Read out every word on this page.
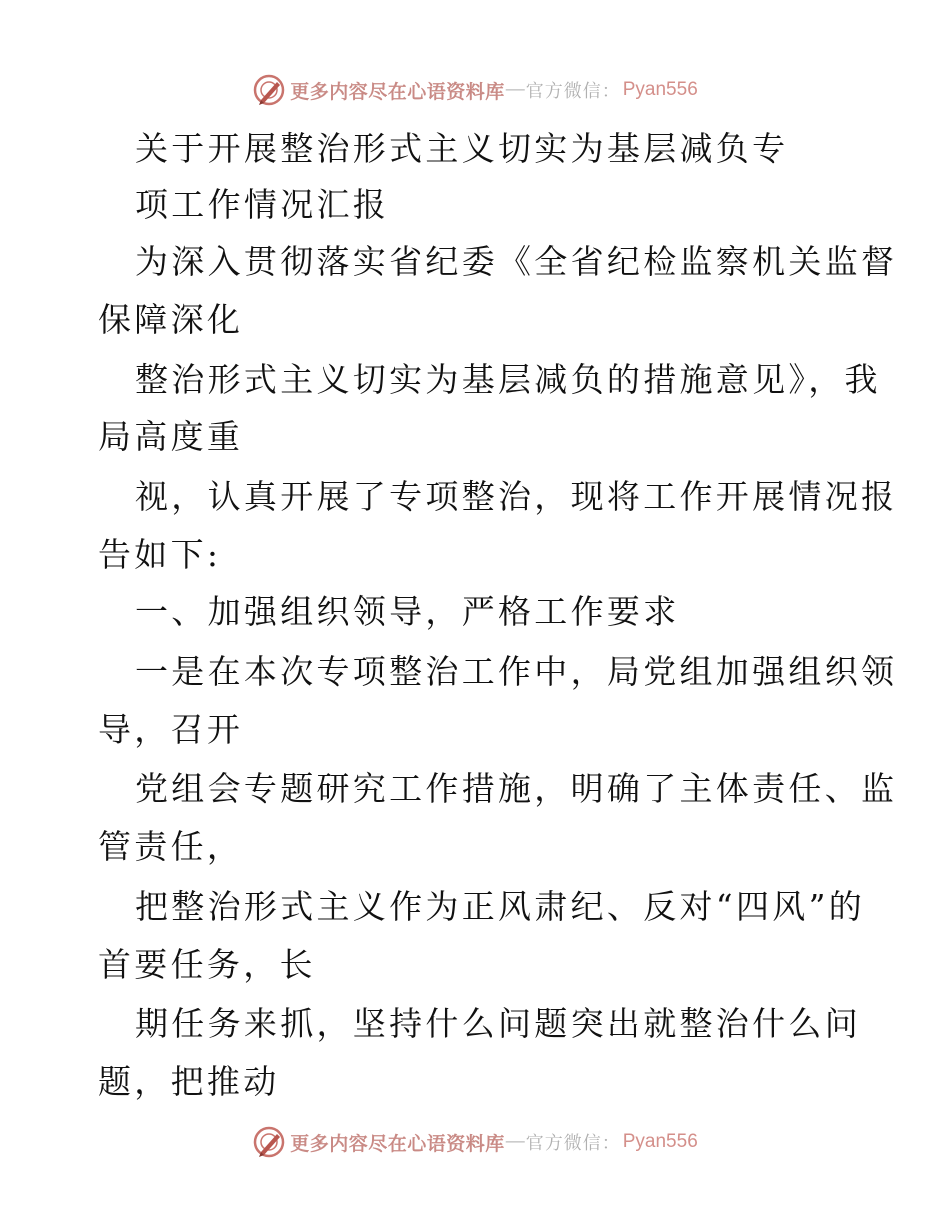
更多内容尽在心语资料库 — 官方微信： Pyan556
关于开展整治形式主义切实为基层减负专
项工作情况汇报
为深入贯彻落实省纪委《全省纪检监察机关监督
保障深化
整治形式主义切实为基层减负的措施意见》，我
局高度重
视，认真开展了专项整治，现将工作开展情况报
告如下:
一、加强组织领导，严格工作要求
一是在本次专项整治工作中，局党组加强组织领
导，召开
党组会专题研究工作措施，明确了主体责任、监
管责任，
把整治形式主义作为正风肃纪、反对“四风”的
首要任务，长
期任务来抓，坚持什么问题突出就整治什么问
题，把推动
更多内容尽在心语资料库 — 官方微信： Pyan556
